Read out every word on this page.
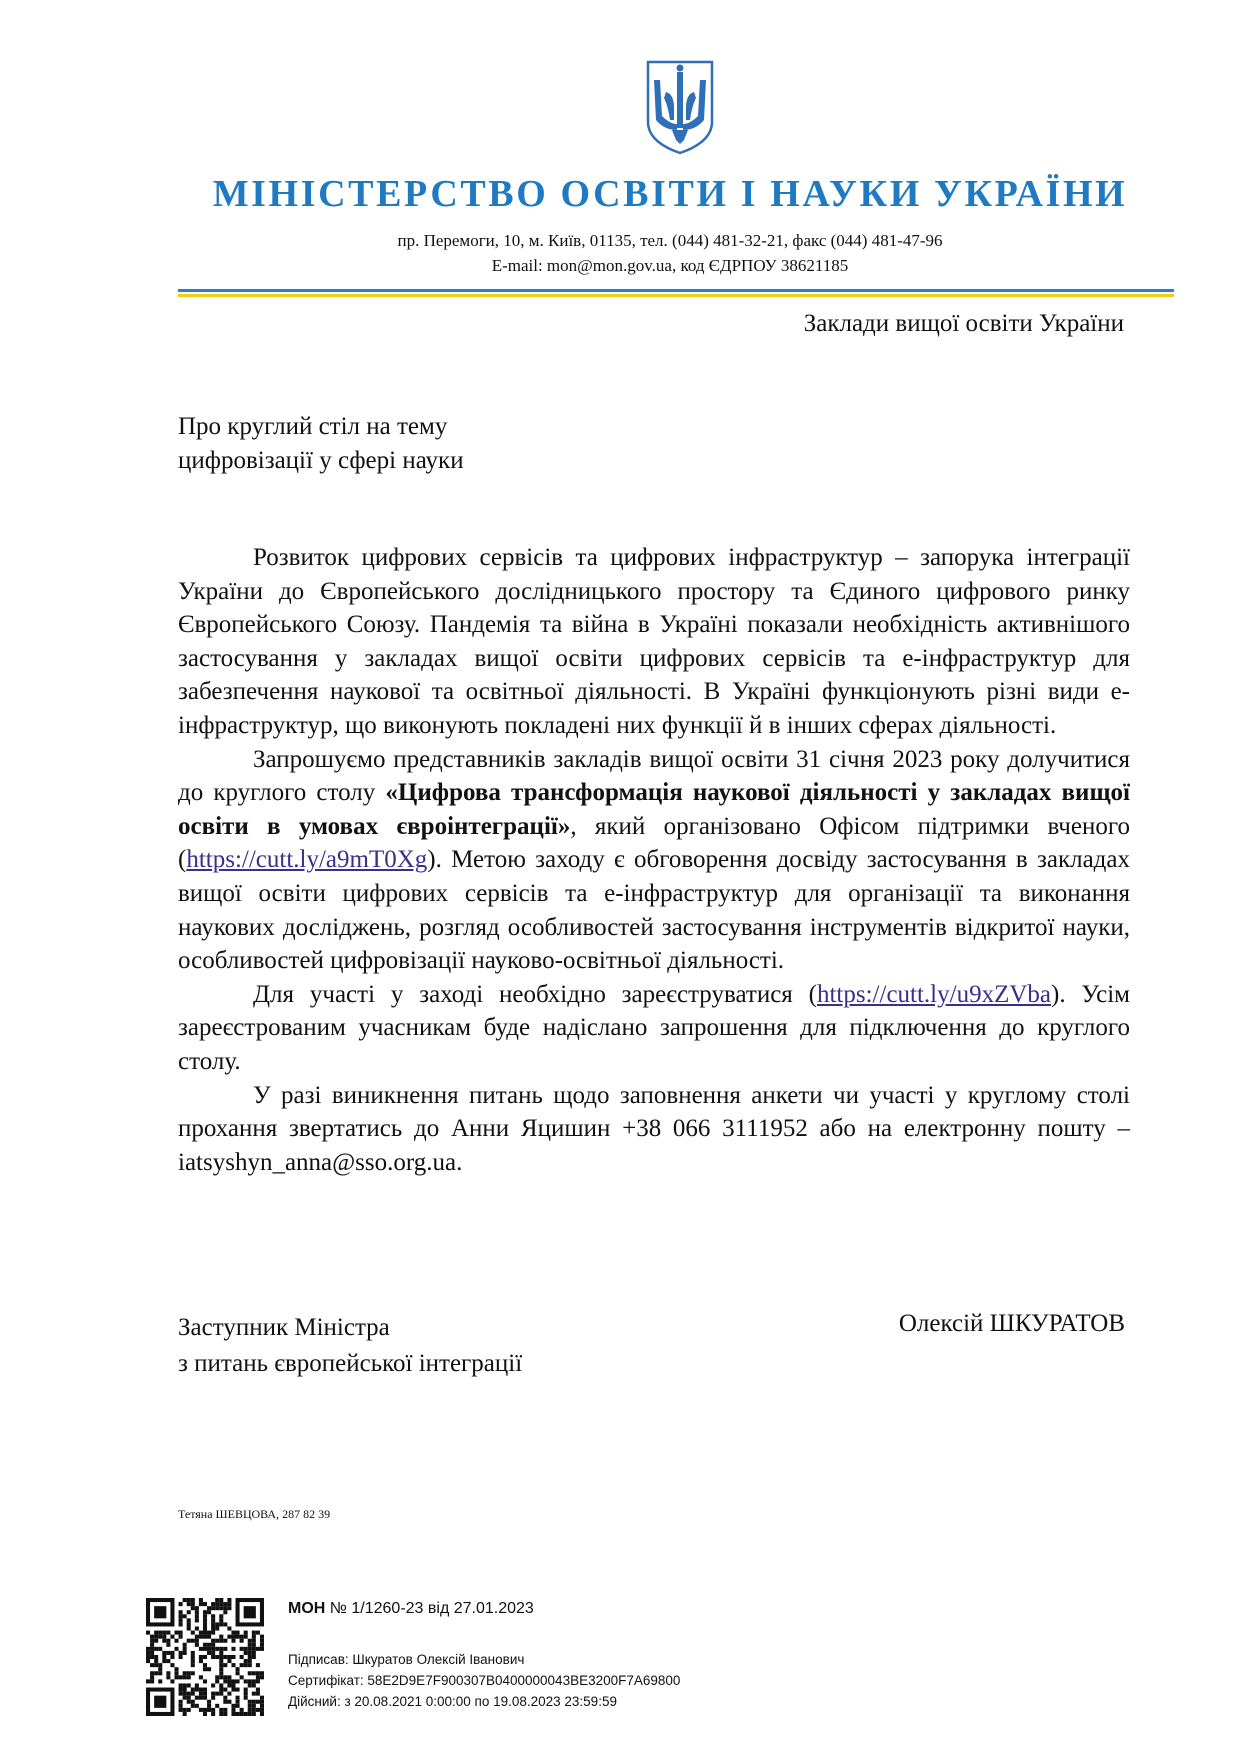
МІНІСТЕРСТВО ОСВІТИ І НАУКИ УКРАЇНИ
пр. Перемоги, 10, м. Київ, 01135, тел. (044) 481-32-21, факс (044) 481-47-96
E-mail: mon@mon.gov.ua, код ЄДРПОУ 38621185
Заклади вищої освіти України
Про круглий стіл на тему
цифровізації у сфері науки

Розвиток цифрових сервісів та цифрових інфраструктур – запорука інтеграції України до Європейського дослідницького простору та Єдиного цифрового ринку Європейського Союзу. Пандемія та війна в Україні показали необхідність активнішого застосування у закладах вищої освіти цифрових сервісів та е-інфраструктур для забезпечення наукової та освітньої діяльності. В Україні функціонують різні види е-інфраструктур, що виконують покладені них функції й в інших сферах діяльності.

Запрошуємо представників закладів вищої освіти 31 січня 2023 року долучитися до круглого столу «Цифрова трансформація наукової діяльності у закладах вищої освіти в умовах євроінтеграції», який організовано Офісом підтримки вченого (https://cutt.ly/a9mT0Xg). Метою заходу є обговорення досвіду застосування в закладах вищої освіти цифрових сервісів та е-інфраструктур для організації та виконання наукових досліджень, розгляд особливостей застосування інструментів відкритої науки, особливостей цифровізації науково-освітньої діяльності.

Для участі у заході необхідно зареєструватися (https://cutt.ly/u9xZVba). Усім зареєстрованим учасникам буде надіслано запрошення для підключення до круглого столу.

У разі виникнення питань щодо заповнення анкети чи участі у круглому столі прохання звертатись до Анни Яцишин +38 066 3111952 або на електронну пошту – iatsyshyn_anna@sso.org.ua.

Заступник Міністра
з питань європейської інтеграції
Олексій ШКУРАТОВ
Тетяна ШЕВЦОВА, 287 82 39
МОН № 1/1260-23 від 27.01.2023
Підписав: Шкуратов Олексій Іванович
Сертифікат: 58E2D9E7F900307B0400000043BE3200F7A69800
Дійсний: з 20.08.2021 0:00:00 по 19.08.2023 23:59:59
